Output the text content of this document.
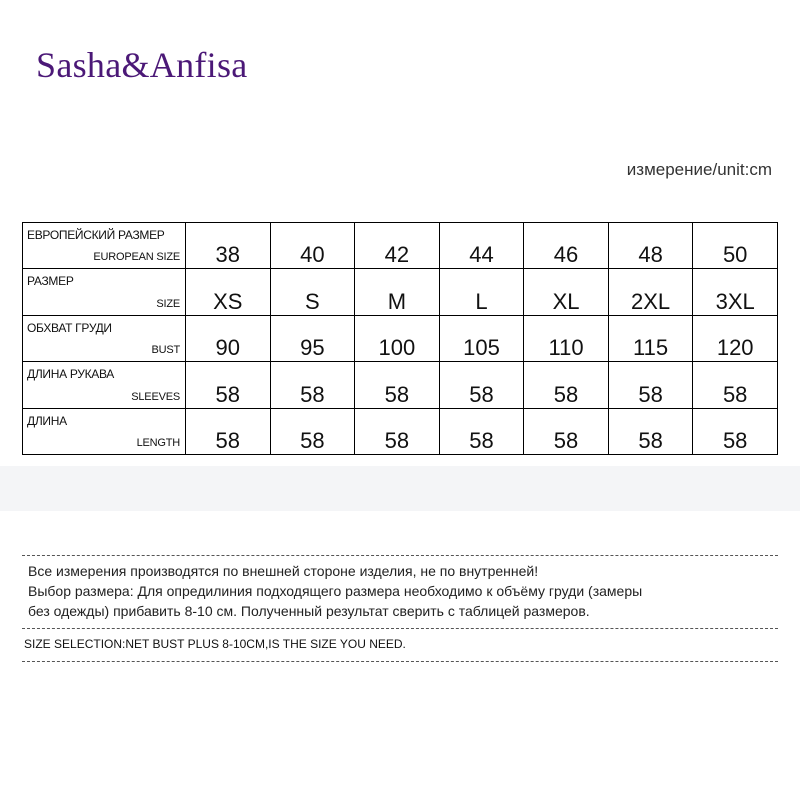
Sasha&Anfisa
измерение/unit:cm
ЕВРОПЕЙСКИЙ РАЗМЕР
EUROPEAN SIZE	38	40	42	44	46	48	50

РАЗМЕР
SIZE	XS	S	M	L	XL	2XL	3XL

ОБХВАТ ГРУДИ
BUST	90	95	100	105	110	115	120

ДЛИНА РУКАВА
SLEEVES	58	58	58	58	58	58	58

ДЛИНА
LENGTH	58	58	58	58	58	58	58
Все измерения производятся по внешней стороне изделия, не по внутренней!
Выбор размера: Для опредилиния подходящего размера необходимо к объёму груди (замеры
без одежды) прибавить 8-10 см. Полученный результат сверить с таблицей размеров.
SIZE SELECTION:NET BUST PLUS 8-10CM,IS THE SIZE YOU NEED.
